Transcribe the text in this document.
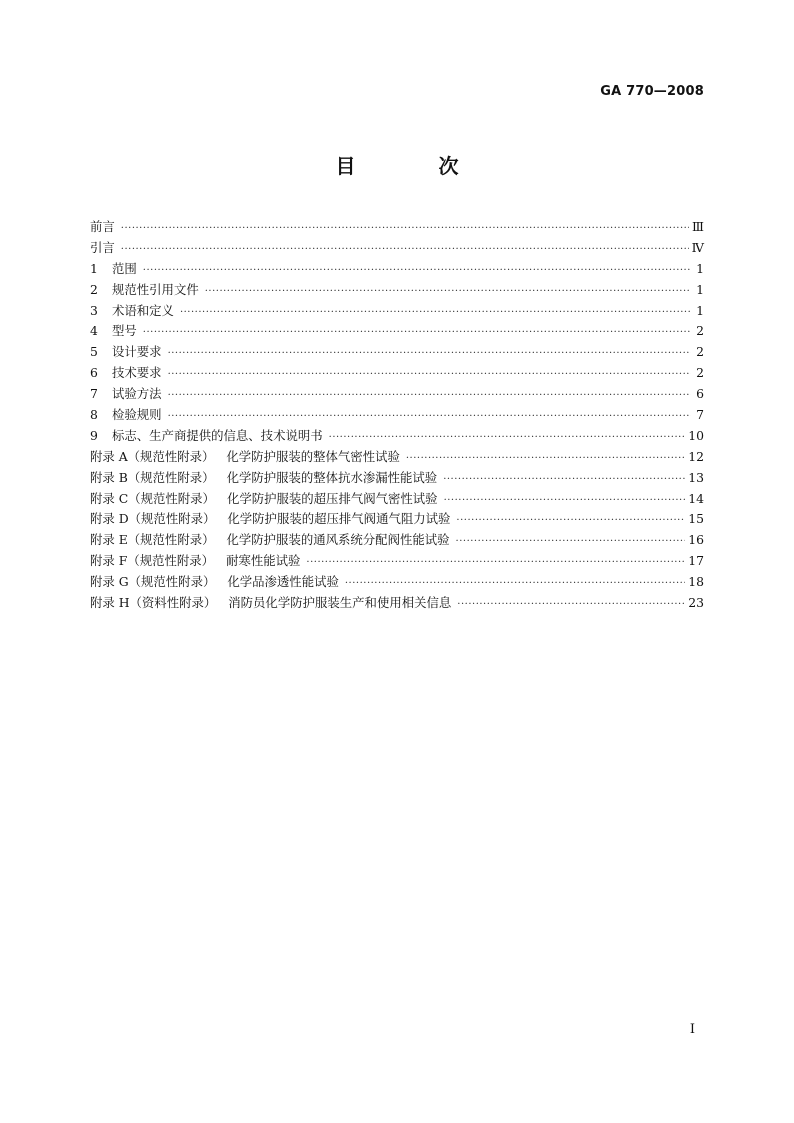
GA 770—2008
目 次
前言 ·····	Ⅲ
引言 ·····	Ⅳ
1 范围 ·····	1
2 规范性引用文件 ·····	1
3 术语和定义 ·····	1
4 型号 ·····	2
5 设计要求 ·····	2
6 技术要求 ·····	2
7 试验方法 ·····	6
8 检验规则 ·····	7
9 标志、生产商提供的信息、技术说明书 ·····	10
附录 A（规范性附录） 化学防护服装的整体气密性试验 ·····	12
附录 B（规范性附录） 化学防护服装的整体抗水渗漏性能试验 ·····	13
附录 C（规范性附录） 化学防护服装的超压排气阀气密性试验 ·····	14
附录 D（规范性附录） 化学防护服装的超压排气阀通气阻力试验 ·····	15
附录 E（规范性附录） 化学防护服装的通风系统分配阀性能试验 ·····	16
附录 F（规范性附录） 耐寒性能试验 ·····	17
附录 G（规范性附录） 化学品渗透性能试验 ·····	18
附录 H（资料性附录） 消防员化学防护服装生产和使用相关信息 ·····	23
I
